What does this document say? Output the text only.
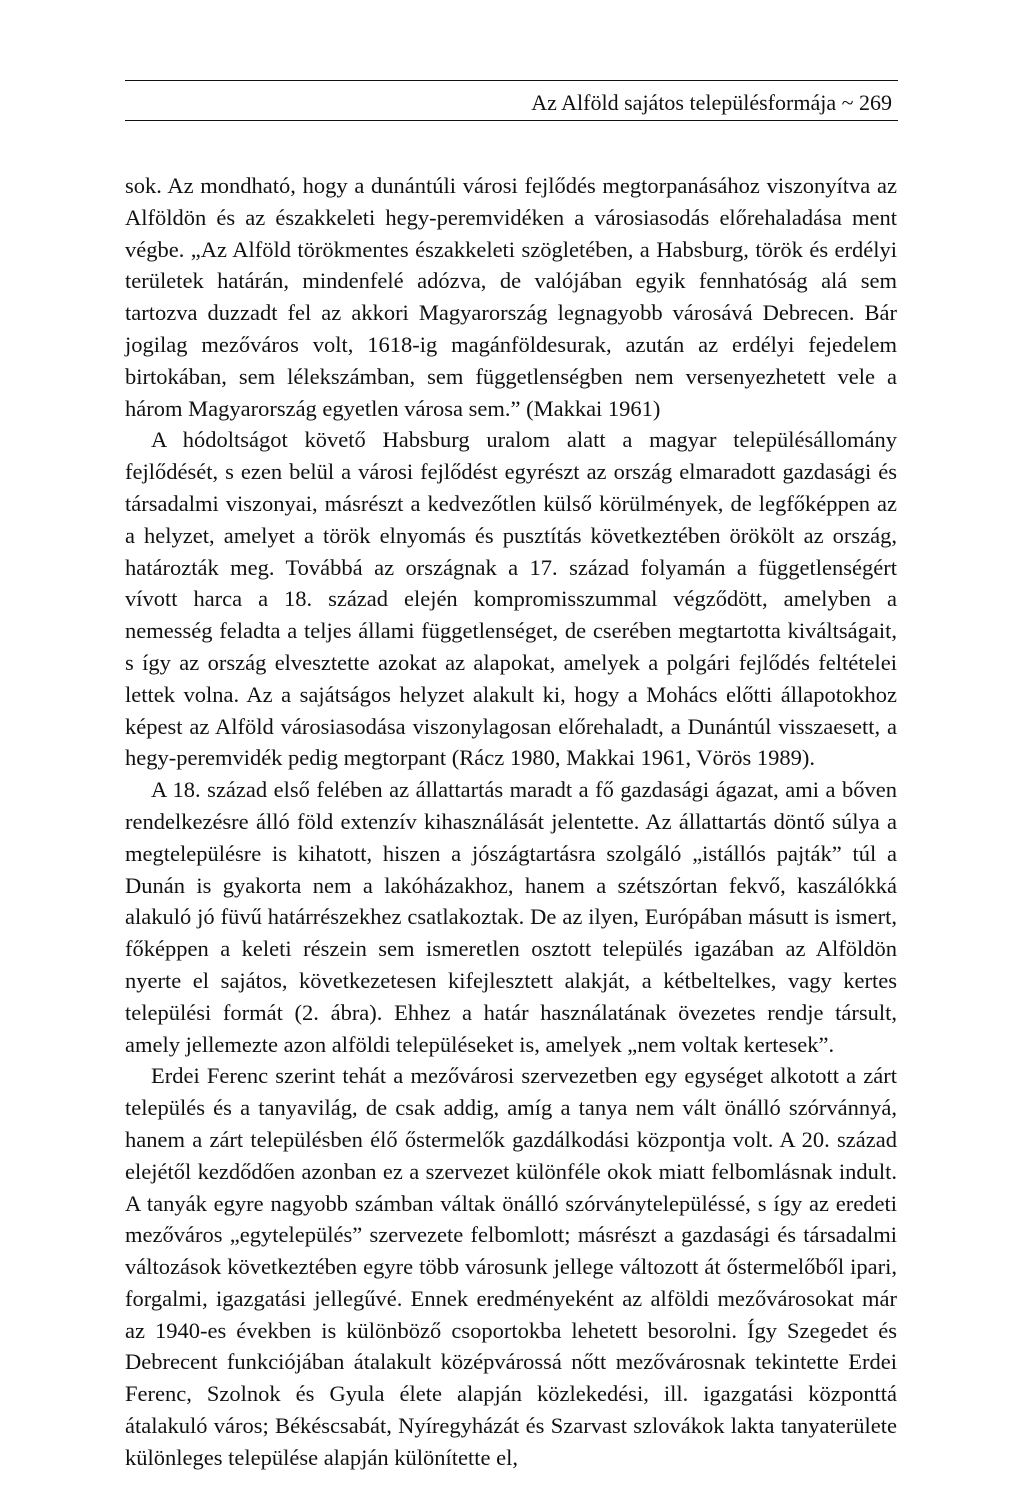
Az Alföld sajátos településformája ~ 269

sok. Az mondható, hogy a dunántúli városi fejlődés megtorpanásához viszonyítva az Alföldön és az északkeleti hegy-peremvidéken a városiasodás előrehaladása ment végbe. „Az Alföld törökmentes északkeleti szögletében, a Habsburg, török és erdélyi területek határán, mindenfelé adózva, de valójában egyik fennhatóság alá sem tartozva duzzadt fel az akkori Magyarország legnagyobb városává Debrecen. Bár jogilag mezőváros volt, 1618-ig magánföldesurak, azután az erdélyi fejedelem birtokában, sem lélekszámban, sem függetlenségben nem versenyezhetett vele a három Magyarország egyetlen városa sem.” (Makkai 1961)

A hódoltságot követő Habsburg uralom alatt a magyar településállomány fejlődését, s ezen belül a városi fejlődést egyrészt az ország elmaradott gazdasági és társadalmi viszonyai, másrészt a kedvezőtlen külső körülmények, de legfőképpen az a helyzet, amelyet a török elnyomás és pusztítás következtében örökölt az ország, határozták meg. Továbbá az országnak a 17. század folyamán a függetlenségért vívott harca a 18. század elején kompromisszummal végződött, amelyben a nemesség feladta a teljes állami függetlenséget, de cserében megtartotta kiváltságait, s így az ország elvesztette azokat az alapokat, amelyek a polgári fejlődés feltételei lettek volna. Az a sajátságos helyzet alakult ki, hogy a Mohács előtti állapotokhoz képest az Alföld városiasodása viszonylagosan előrehaladt, a Dunántúl visszaesett, a hegy-peremvidék pedig megtorpant (Rácz 1980, Makkai 1961, Vörös 1989).

A 18. század első felében az állattartás maradt a fő gazdasági ágazat, ami a bőven rendelkezésre álló föld extenzív kihasználását jelentette. Az állattartás döntő súlya a megtelepülésre is kihatott, hiszen a jószágtartásra szolgáló „istállós pajták” túl a Dunán is gyakorta nem a lakóházakhoz, hanem a szétszórtan fekvő, kaszálókká alakuló jó füvű határrészekhez csatlakoztak. De az ilyen, Európában másutt is ismert, főképpen a keleti részein sem ismeretlen osztott település igazában az Alföldön nyerte el sajátos, következetesen kifejlesztett alakját, a kétbeltelkes, vagy kertes települési formát (2. ábra). Ehhez a határ használatának övezetes rendje társult, amely jellemezte azon alföldi településeket is, amelyek „nem voltak kertesek”.

Erdei Ferenc szerint tehát a mezővárosi szervezetben egy egységet alkotott a zárt település és a tanyavilág, de csak addig, amíg a tanya nem vált önálló szórvánnyá, hanem a zárt településben élő őstermelők gazdálkodási központja volt. A 20. század elejétől kezdődően azonban ez a szervezet különféle okok miatt felbomlásnak indult. A tanyák egyre nagyobb számban váltak önálló szórványtelepüléssé, s így az eredeti mezőváros „egytelepülés” szervezete felbomlott; másrészt a gazdasági és társadalmi változások következtében egyre több városunk jellege változott át őstermelőből ipari, forgalmi, igazgatási jellegűvé. Ennek eredményeként az alföldi mezővárosokat már az 1940-es években is különböző csoportokba lehetett besorolni. Így Szegedet és Debrecent funkciójában átalakult középvárossá nőtt mezővárosnak tekintette Erdei Ferenc, Szolnok és Gyula élete alapján közlekedési, ill. igazgatási központtá átalakuló város; Békéscsabát, Nyíregyházát és Szarvast szlovákok lakta tanyaterülete különleges települése alapján különítette el,
